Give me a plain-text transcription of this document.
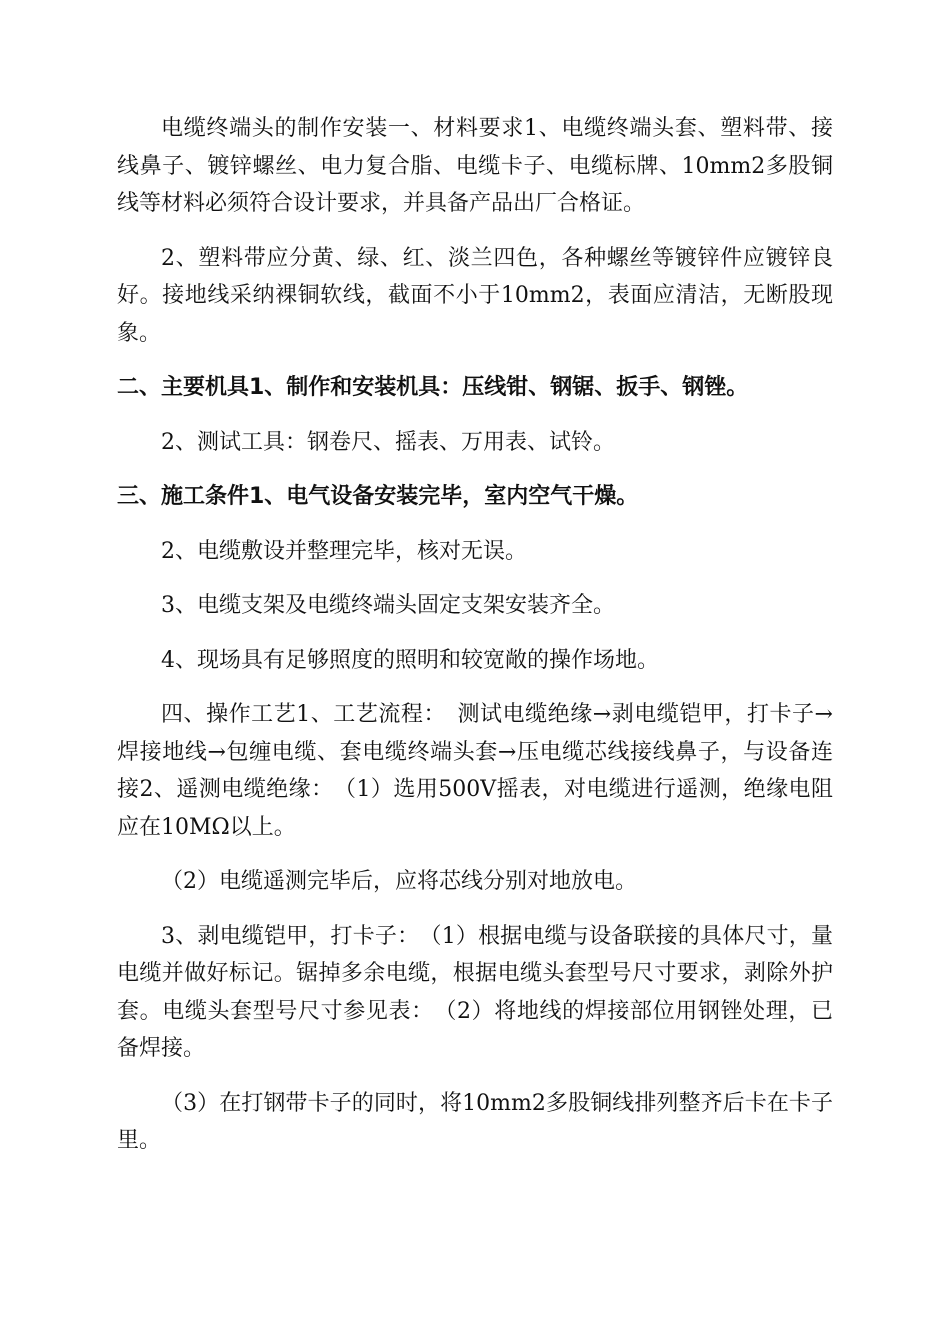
电缆终端头的制作安装一、材料要求1、电缆终端头套、塑料带、接线鼻子、镀锌螺丝、电力复合脂、电缆卡子、电缆标牌、10mm2多股铜线等材料必须符合设计要求，并具备产品出厂合格证。

2、塑料带应分黄、绿、红、淡兰四色，各种螺丝等镀锌件应镀锌良好。接地线采纳裸铜软线，截面不小于10mm2，表面应清洁，无断股现象。

二、主要机具1、制作和安装机具：压线钳、钢锯、扳手、钢锉。

2、测试工具：钢卷尺、摇表、万用表、试铃。

三、施工条件1、电气设备安装完毕，室内空气干燥。

2、电缆敷设并整理完毕，核对无误。

3、电缆支架及电缆终端头固定支架安装齐全。

4、现场具有足够照度的照明和较宽敞的操作场地。

四、操作工艺1、工艺流程：　测试电缆绝缘→剥电缆铠甲，打卡子→焊接地线→包缠电缆、套电缆终端头套→压电缆芯线接线鼻子，与设备连接2、遥测电缆绝缘：　（1）选用500V摇表，对电缆进行遥测，绝缘电阻应在10MΩ以上。

（2）电缆遥测完毕后，应将芯线分别对地放电。

3、剥电缆铠甲，打卡子：　（1）根据电缆与设备联接的具体尺寸，量电缆并做好标记。锯掉多余电缆，根据电缆头套型号尺寸要求，剥除外护套。电缆头套型号尺寸参见表：　（2）将地线的焊接部位用钢锉处理，已备焊接。

（3）在打钢带卡子的同时，将10mm2多股铜线排列整齐后卡在卡子里。
